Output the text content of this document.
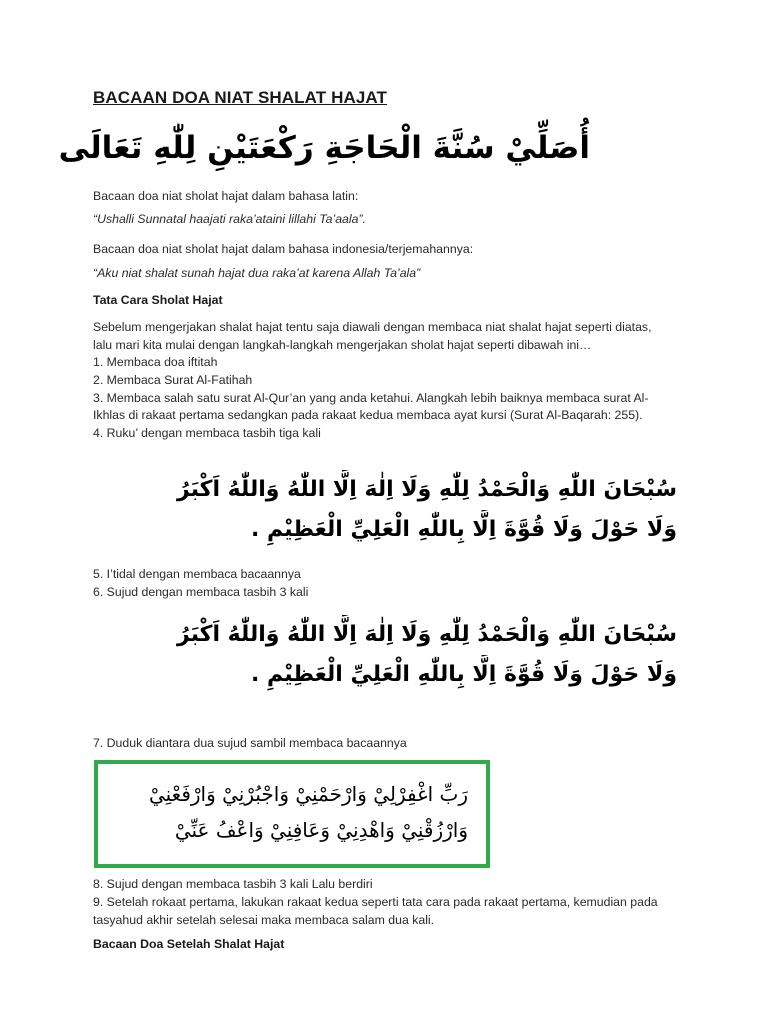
BACAAN DOA NIAT SHALAT HAJAT
أُصَلِّيْ سُنَّةَ الْحَاجَةِ رَكْعَتَيْنِ لِلّٰهِ تَعَالَى
Bacaan doa niat sholat hajat dalam bahasa latin:
“Ushalli Sunnatal haajati raka’ataini lillahi Ta’aala”.
Bacaan doa niat sholat hajat dalam bahasa indonesia/terjemahannya:
“Aku niat shalat sunah hajat dua raka’at karena Allah Ta’ala”
Tata Cara Sholat Hajat
Sebelum mengerjakan shalat hajat tentu saja diawali dengan membaca niat shalat hajat seperti diatas, lalu mari kita mulai dengan langkah-langkah mengerjakan sholat hajat seperti dibawah ini…
1. Membaca doa iftitah
2. Membaca Surat Al-Fatihah
3. Membaca salah satu surat Al-Qur’an yang anda ketahui. Alangkah lebih baiknya membaca surat Al-Ikhlas di rakaat pertama sedangkan pada rakaat kedua membaca ayat kursi (Surat Al-Baqarah: 255).
4. Ruku’ dengan membaca tasbih tiga kali
سُبْحَانَ اللّٰهِ وَالْحَمْدُ لِلّٰهِ وَلَا اِلٰهَ اِلَّا اللّٰهُ وَاللّٰهُ اَكْبَرُ
وَلَا حَوْلَ وَلَا قُوَّةَ اِلَّا بِاللّٰهِ الْعَلِيِّ الْعَظِيْمِ .
5. I’tidal dengan membaca bacaannya
6. Sujud dengan membaca tasbih 3 kali
سُبْحَانَ اللّٰهِ وَالْحَمْدُ لِلّٰهِ وَلَا اِلٰهَ اِلَّا اللّٰهُ وَاللّٰهُ اَكْبَرُ
وَلَا حَوْلَ وَلَا قُوَّةَ اِلَّا بِاللّٰهِ الْعَلِيِّ الْعَظِيْمِ .
7. Duduk diantara dua sujud sambil membaca bacaannya
رَبِّ اغْفِرْلِيْ وَارْحَمْنِيْ وَاجْبُرْنِيْ وَارْفَعْنِيْ
وَارْزُقْنِيْ وَاهْدِنِيْ وَعَافِنِيْ وَاعْفُ عَنِّيْ
8. Sujud dengan membaca tasbih 3 kali Lalu berdiri
9. Setelah rokaat pertama, lakukan rakaat kedua seperti tata cara pada rakaat pertama, kemudian pada tasyahud akhir setelah selesai maka membaca salam dua kali.
Bacaan Doa Setelah Shalat Hajat
